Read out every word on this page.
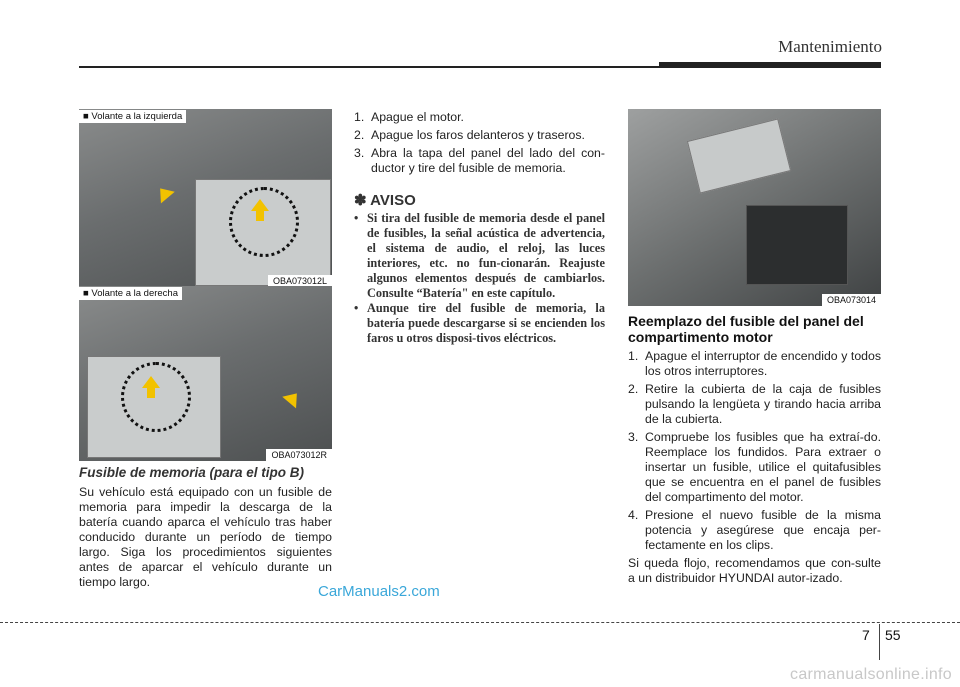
Mantenimiento
■ Volante a la izquierda
OBA073012L
■ Volante a la derecha
OBA073012R
OBA073014

Fusible de memoria (para el tipo B)

Su vehículo está equipado con un fusible de memoria para impedir la descarga de la batería cuando aparca el vehículo tras haber conducido durante un período de tiempo largo. Siga los procedimientos siguientes antes de aparcar el vehículo durante un tiempo largo.

1. Apague el motor.

2. Apague los faros delanteros y traseros.

3. Abra la tapa del panel del lado del con-ductor y tire del fusible de memoria.

✽ AVISO

• Si tira del fusible de memoria desde el panel de fusibles, la señal acústica de advertencia, el sistema de audio, el reloj, las luces interiores, etc. no fun-cionarán. Reajuste algunos elementos después de cambiarlos. Consulte “Batería" en este capítulo.

• Aunque tire del fusible de memoria, la batería puede descargarse si se encienden los faros u otros disposi-tivos eléctricos.

Reemplazo del fusible del panel del compartimento motor

1. Apague el interruptor de encendido y todos los otros interruptores.

2. Retire la cubierta de la caja de fusibles pulsando la lengüeta y tirando hacia arriba de la cubierta.

3. Compruebe los fusibles que ha extraí-do. Reemplace los fundidos. Para extraer o insertar un fusible, utilice el quitafusibles que se encuentra en el panel de fusibles del compartimento del motor.

4. Presione el nuevo fusible de la misma potencia y asegúrese que encaja per-fectamente en los clips.

Si queda flojo, recomendamos que con-sulte a un distribuidor HYUNDAI autor-izado.

CarManuals2.com
7 55
carmanualsonline.info
